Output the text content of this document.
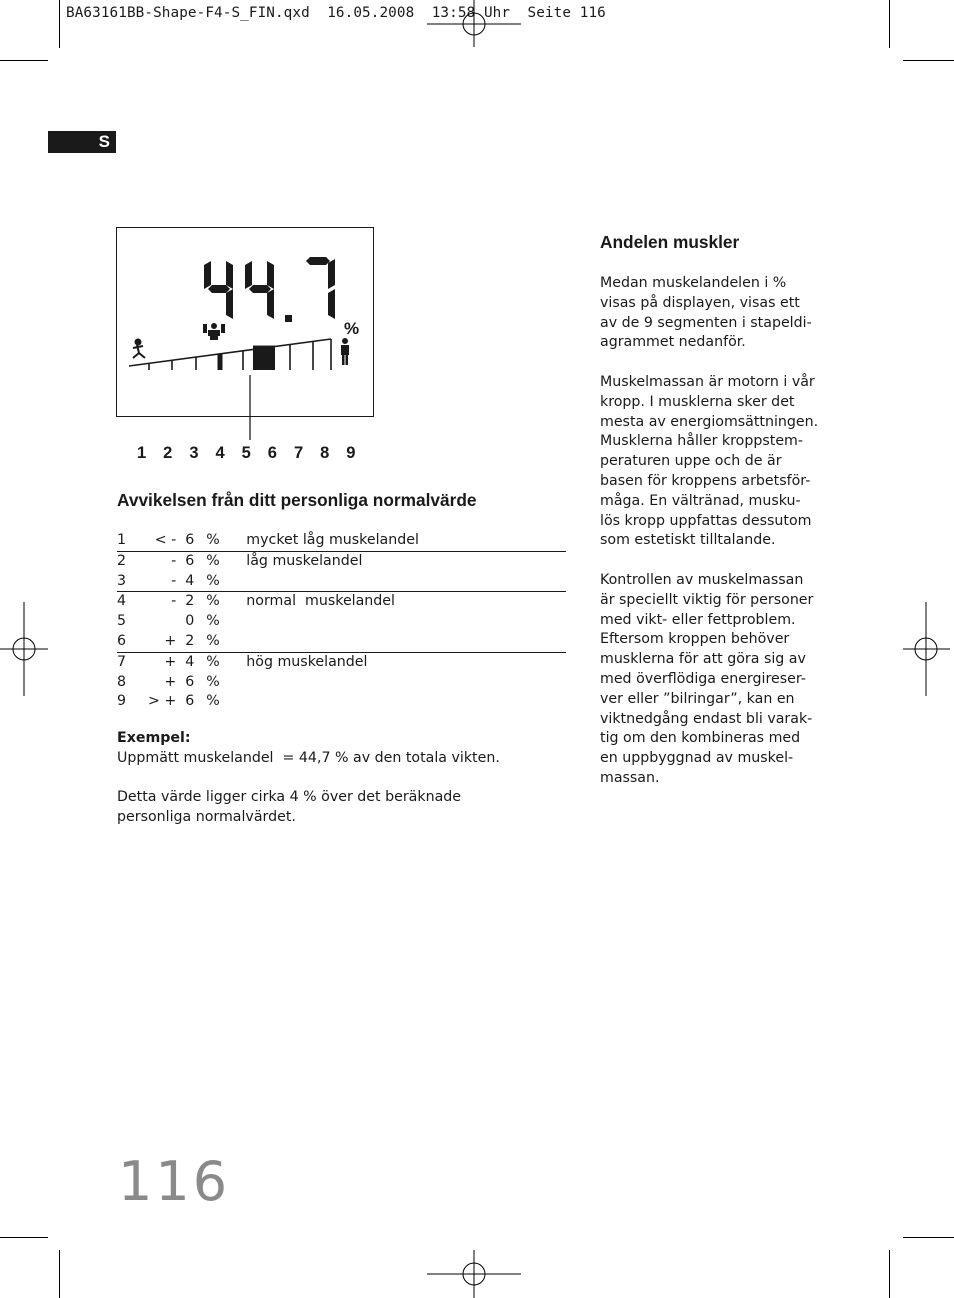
BA63161BB-Shape-F4-S_FIN.qxd  16.05.2008  13:58 Uhr  Seite 116
S
%
1 2 3 4 5 6 7 8 9
Avvikelsen från ditt personliga normalvärde
1	< -	6	%	mycket låg muskelandel
2	-	6	%	låg muskelandel
3	-	4	%	
4	-	2	%	normal  muskelandel
5		0	%	
6	+	2	%	
7	+	4	%	hög muskelandel
8	+	6	%	
9	> +	6	%	

Exempel:

Uppmätt muskelandel  = 44,7 % av den totala vikten.

Detta värde ligger cirka 4 % över det beräknade personliga normalvärdet.

Andelen muskler

Medan muskelandelen i %
visas på displayen, visas ett
av de 9 segmenten i stapeldi-
agrammet nedanför.

Muskelmassan är motorn i vår
kropp. I musklerna sker det
mesta av energiomsättningen.
Musklerna håller kroppstem-
peraturen uppe och de är
basen för kroppens arbetsför-
måga. En vältränad, musku-
lös kropp uppfattas dessutom
som estetiskt tilltalande.

Kontrollen av muskelmassan
är speciellt viktig för personer
med vikt- eller fettproblem.
Eftersom kroppen behöver
musklerna för att göra sig av
med överflödiga energireser-
ver eller ”bilringar”, kan en
viktnedgång endast bli varak-
tig om den kombineras med
en uppbyggnad av muskel-
massan.

116
